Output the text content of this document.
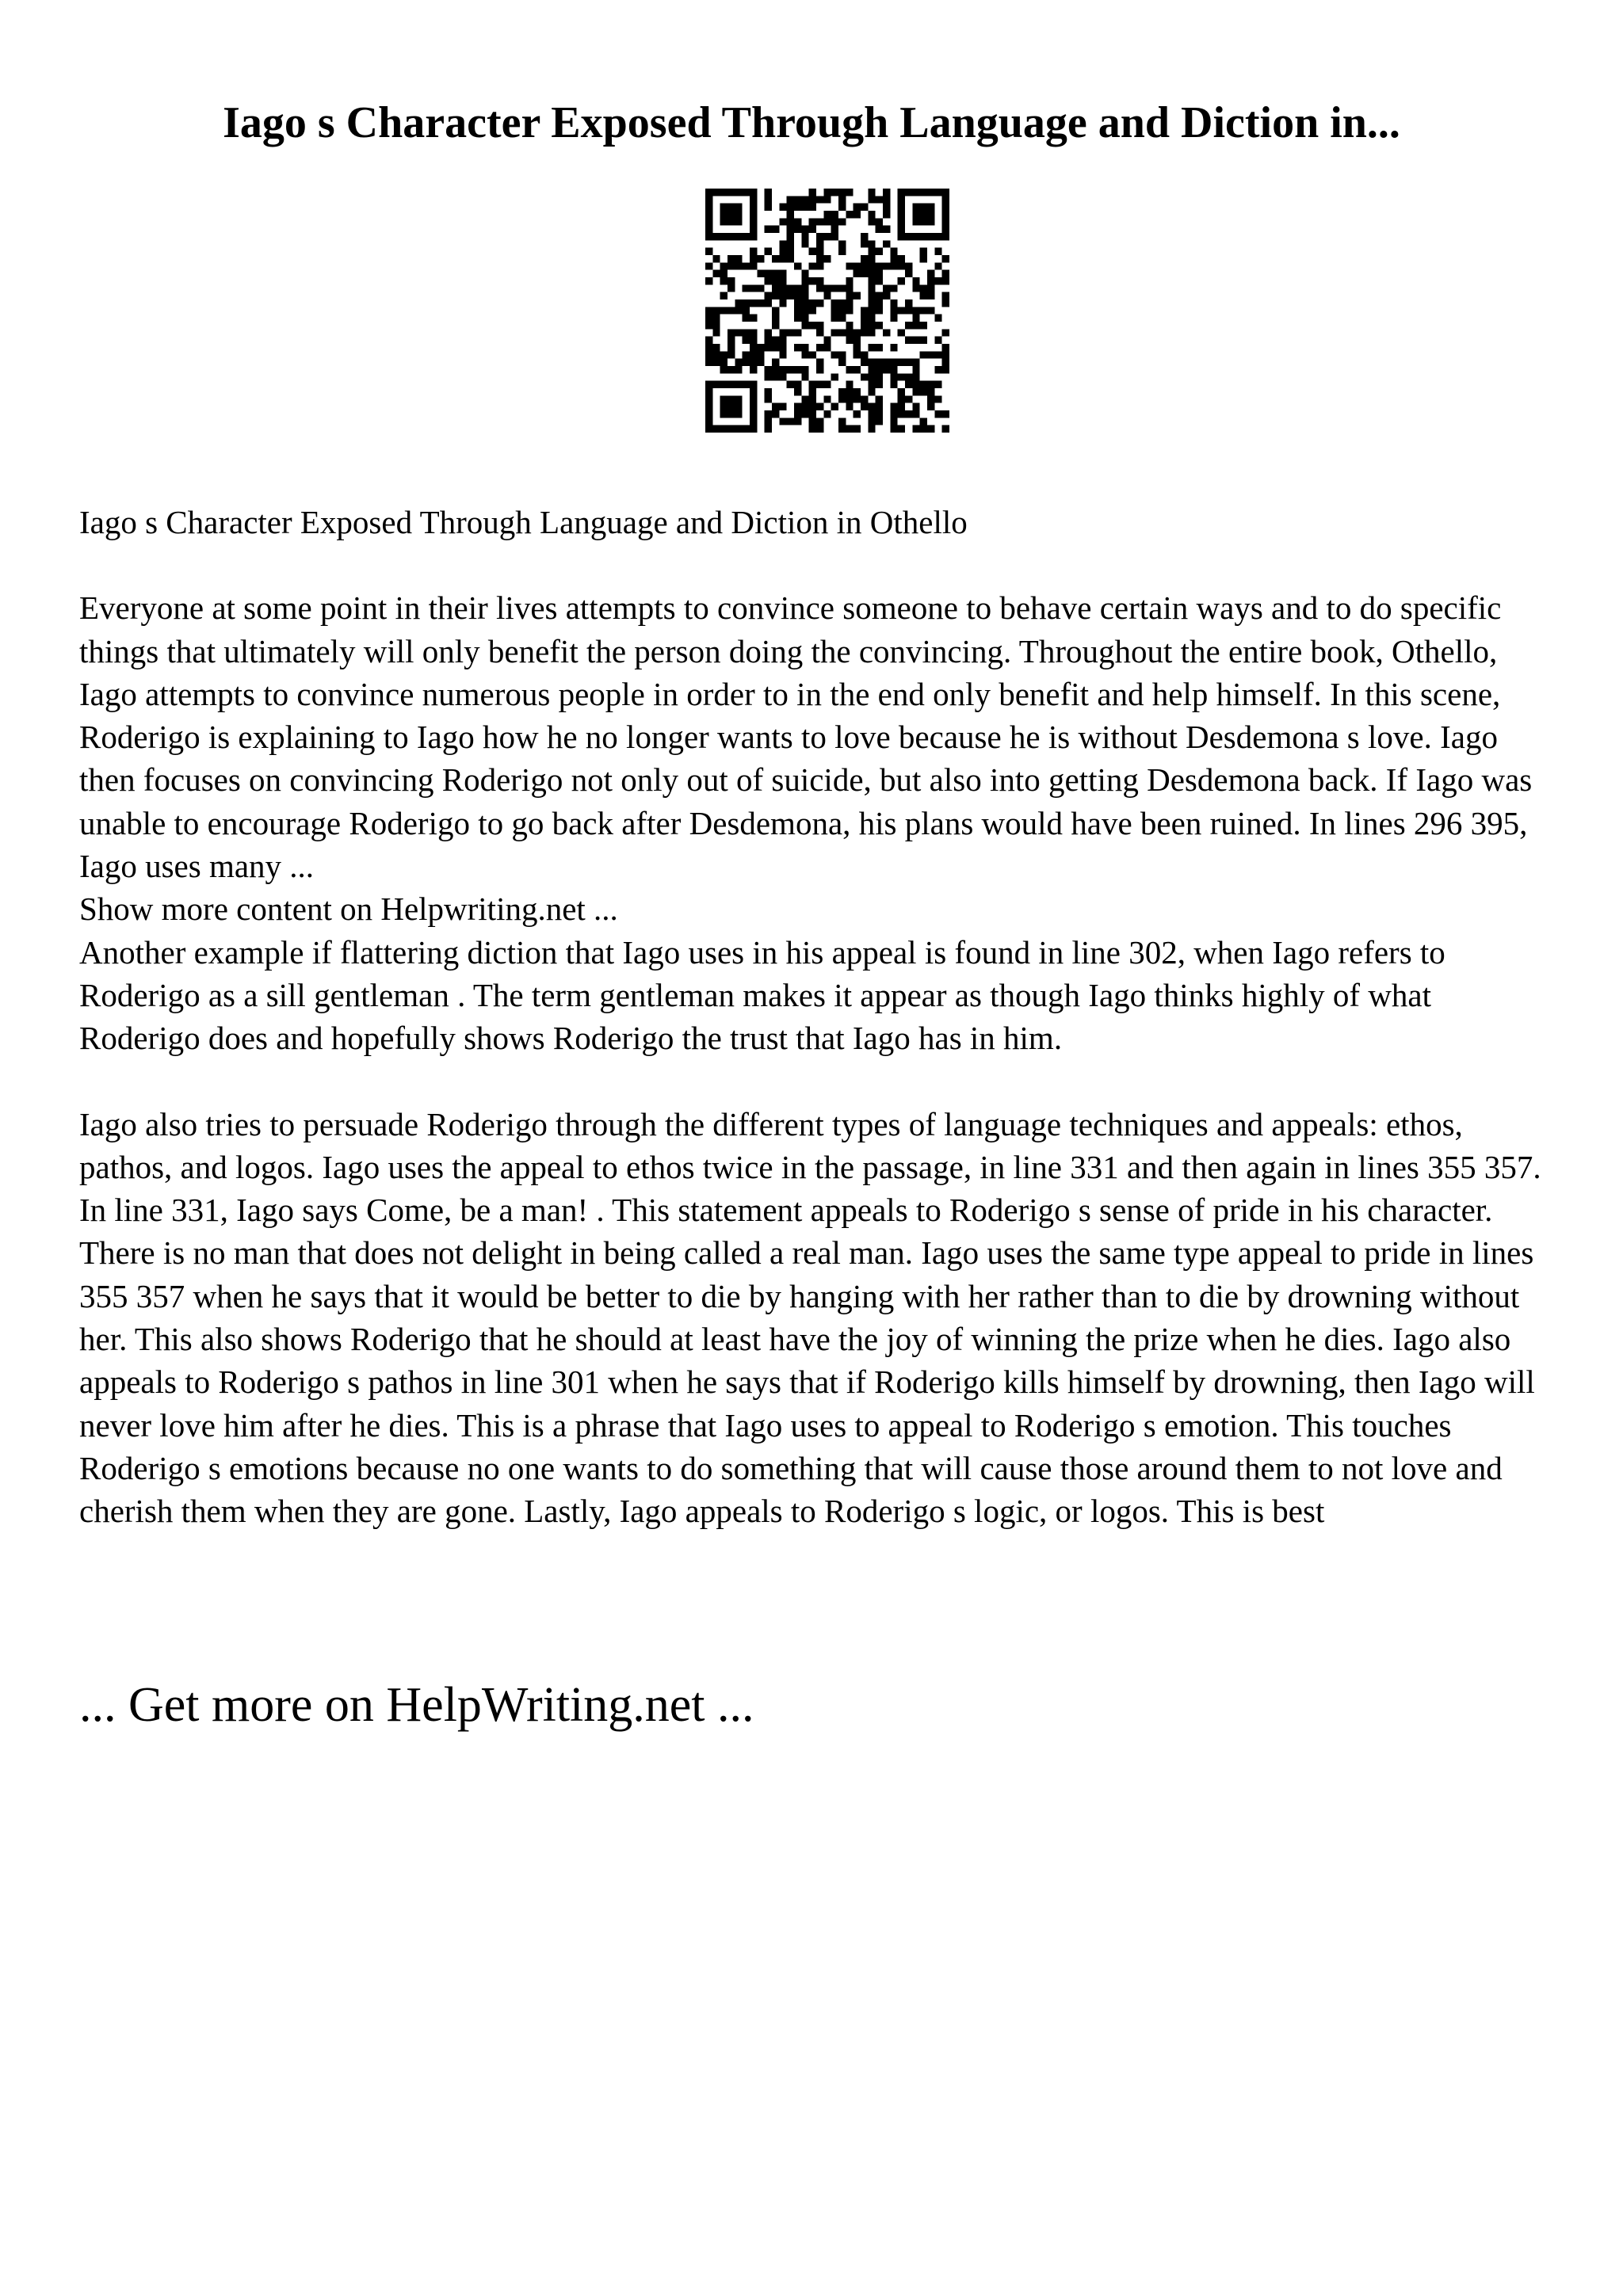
Iago s Character Exposed Through Language and Diction in...

Iago s Character Exposed Through Language and Diction in Othello

Everyone at some point in their lives attempts to convince someone to behave certain ways and to do specific things that ultimately will only benefit the person doing the convincing. Throughout the entire book, Othello, Iago attempts to convince numerous people in order to in the end only benefit and help himself. In this scene, Roderigo is explaining to Iago how he no longer wants to love because he is without Desdemona s love. Iago then focuses on convincing Roderigo not only out of suicide, but also into getting Desdemona back. If Iago was unable to encourage Roderigo to go back after Desdemona, his plans would have been ruined. In lines 296 395, Iago uses many ...

Show more content on Helpwriting.net ...

Another example if flattering diction that Iago uses in his appeal is found in line 302, when Iago refers to Roderigo as a sill gentleman . The term gentleman makes it appear as though Iago thinks highly of what Roderigo does and hopefully shows Roderigo the trust that Iago has in him.

Iago also tries to persuade Roderigo through the different types of language techniques and appeals: ethos, pathos, and logos. Iago uses the appeal to ethos twice in the passage, in line 331 and then again in lines 355 357. In line 331, Iago says Come, be a man! . This statement appeals to Roderigo s sense of pride in his character. There is no man that does not delight in being called a real man. Iago uses the same type appeal to pride in lines 355 357 when he says that it would be better to die by hanging with her rather than to die by drowning without her. This also shows Roderigo that he should at least have the joy of winning the prize when he dies. Iago also appeals to Roderigo s pathos in line 301 when he says that if Roderigo kills himself by drowning, then Iago will never love him after he dies. This is a phrase that Iago uses to appeal to Roderigo s emotion. This touches Roderigo s emotions because no one wants to do something that will cause those around them to not love and cherish them when they are gone. Lastly, Iago appeals to Roderigo s logic, or logos. This is best

... Get more on HelpWriting.net ...
